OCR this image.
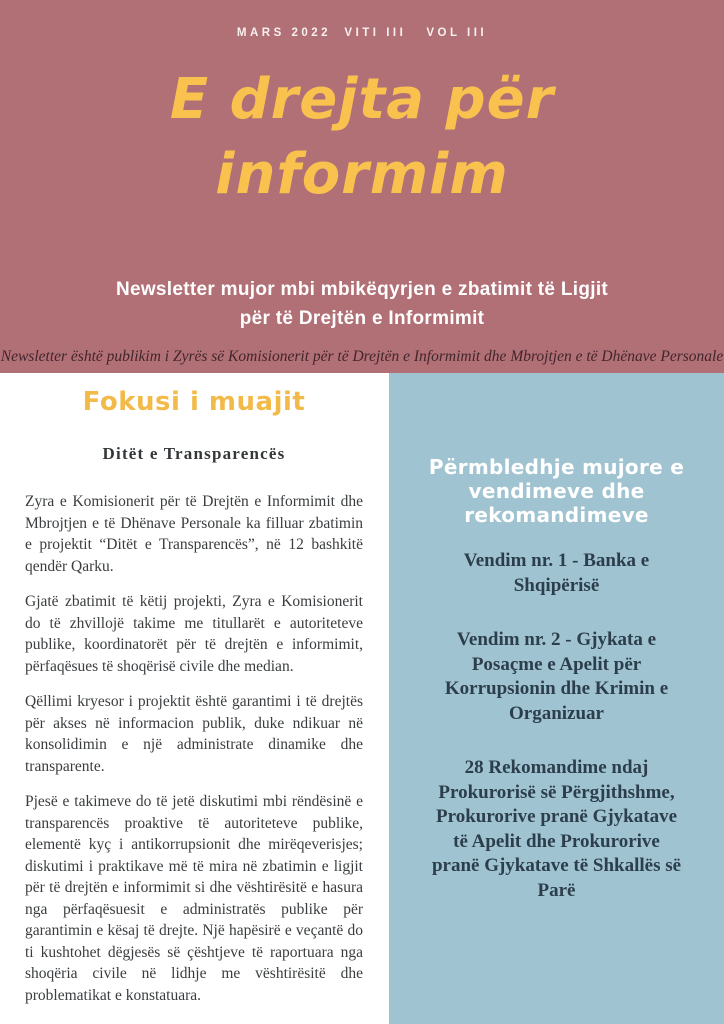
MARS 2022  VITI III   VOL III
E drejta për
informim
Newsletter mujor mbi mbikëqyrjen e zbatimit të Ligjit
për të Drejtën e Informimit
Newsletter është publikim i Zyrës së Komisionerit për të Drejtën e Informimit dhe Mbrojtjen e të Dhënave Personale
Fokusi i muajit
Ditët e Transparencës

Zyra e Komisionerit për të Drejtën e Informimit dhe Mbrojtjen e të Dhënave Personale ka filluar zbatimin e projektit “Ditët e Transparencës”, në 12 bashkitë qendër Qarku.

Gjatë zbatimit të këtij projekti, Zyra e Komisionerit do të zhvillojë takime me titullarët e autoriteteve publike, koordinatorët për të drejtën e informimit, përfaqësues të shoqërisë civile dhe median.

Qëllimi kryesor i projektit është garantimi i të drejtës për akses në informacion publik, duke ndikuar në konsolidimin e një administrate dinamike dhe transparente.

Pjesë e takimeve do të jetë diskutimi mbi rëndësinë e transparencës proaktive të autoriteteve publike, elementë kyç i antikorrupsionit dhe mirëqeverisjes; diskutimi i praktikave më të mira në zbatimin e ligjit për të drejtën e informimit si dhe vështirësitë e hasura nga përfaqësuesit e administratës publike për garantimin e kësaj të drejte. Një hapësirë e veçantë do ti kushtohet dëgjesës së çështjeve të raportuara nga shoqëria civile në lidhje me vështirësitë dhe problematikat e konstatuara.

Përmbledhje mujore e
vendimeve dhe
rekomandimeve
Vendim nr. 1 - Banka e Shqipërisë
Vendim nr. 2 - Gjykata e Posaçme e Apelit për Korrupsionin dhe Krimin e Organizuar
28 Rekomandime ndaj Prokurorisë së Përgjithshme, Prokurorive pranë Gjykatave të Apelit dhe Prokurorive pranë Gjykatave të Shkallës së Parë
